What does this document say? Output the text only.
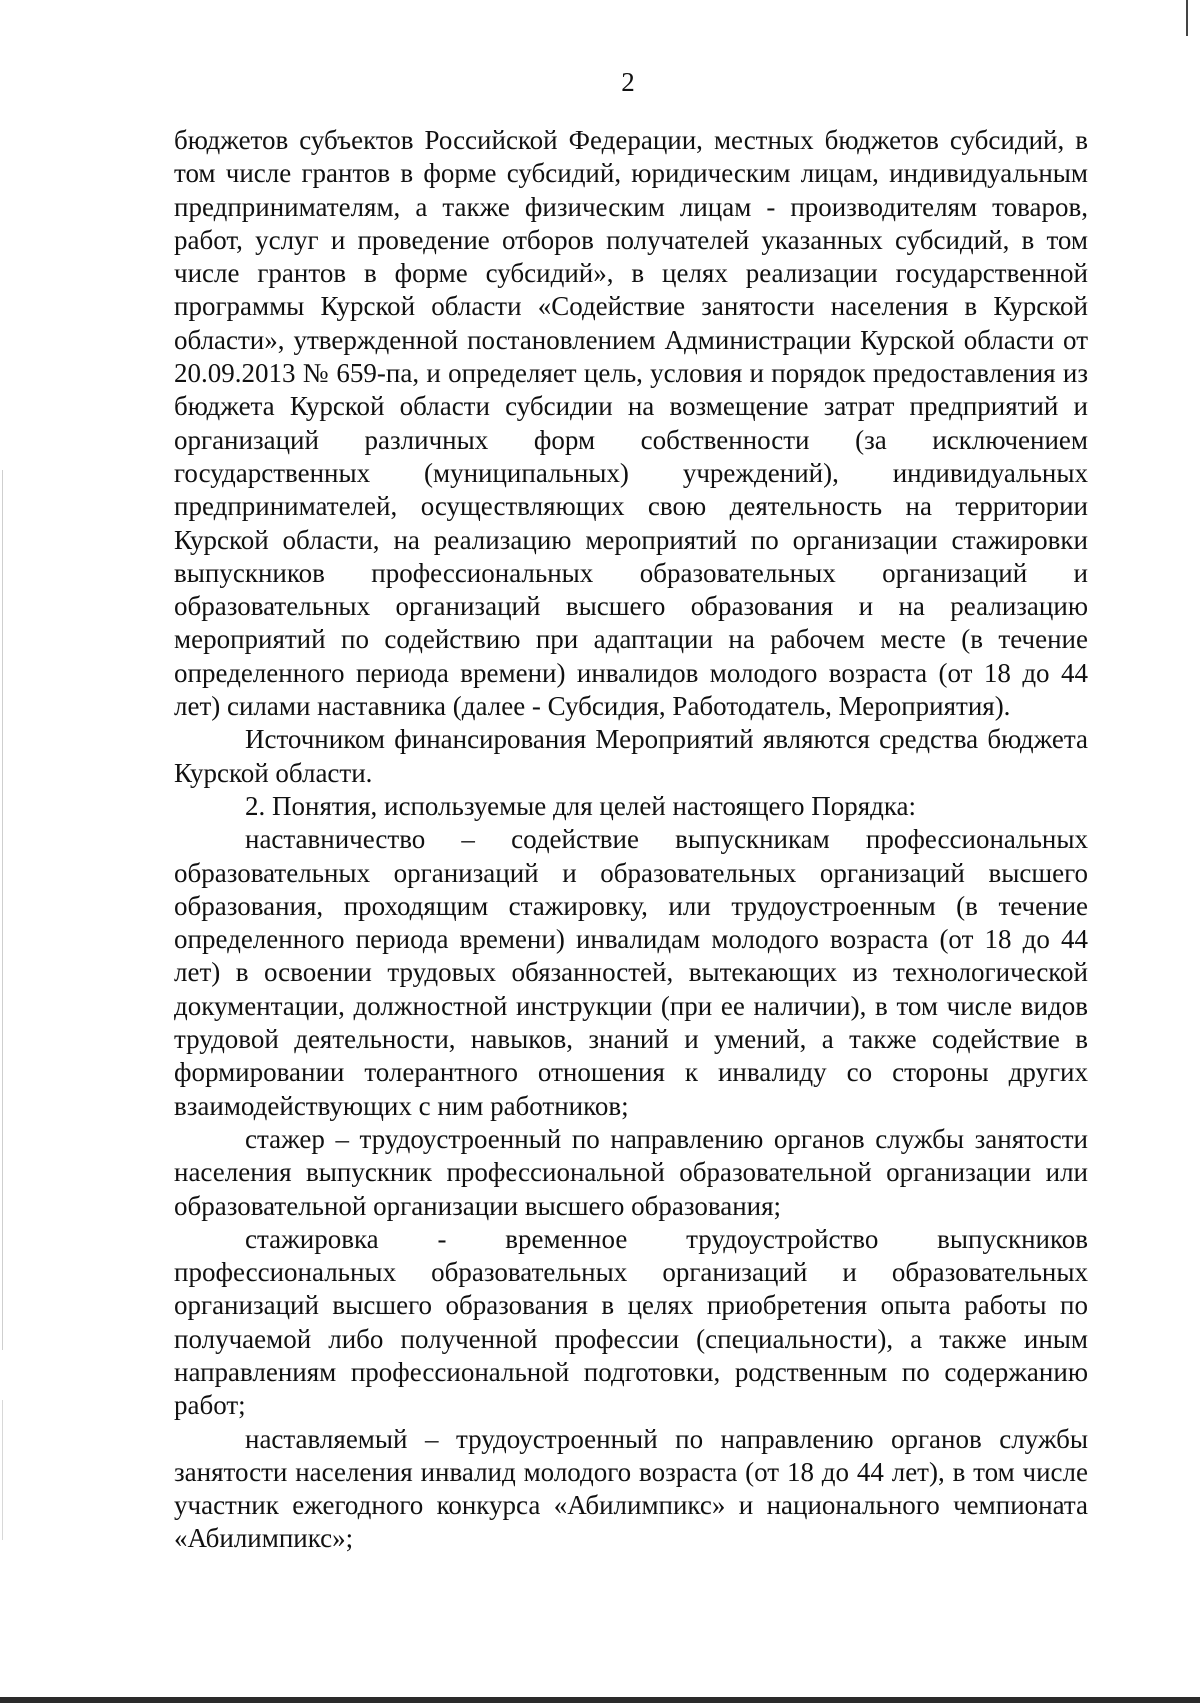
2

бюджетов субъектов Российской Федерации, местных бюджетов субсидий, в том числе грантов в форме субсидий, юридическим лицам, индивидуальным предпринимателям, а также физическим лицам - производителям товаров, работ, услуг и проведение отборов получателей указанных субсидий, в том числе грантов в форме субсидий», в целях реализации государственной программы Курской области «Содействие занятости населения в Курской области», утвержденной постановлением Администрации Курской области от 20.09.2013 № 659-па, и определяет цель, условия и порядок предоставления из бюджета Курской области субсидии на возмещение затрат предприятий и организаций различных форм собственности (за исключением государственных (муниципальных) учреждений), индивидуальных предпринимателей, осуществляющих свою деятельность на территории Курской области, на реализацию мероприятий по организации стажировки выпускников профессиональных образовательных организаций и образовательных организаций высшего образования и на реализацию мероприятий по содействию при адаптации на рабочем месте (в течение определенного периода времени) инвалидов молодого возраста (от 18 до 44 лет) силами наставника (далее - Субсидия, Работодатель, Мероприятия).

Источником финансирования Мероприятий являются средства бюджета Курской области.

2. Понятия, используемые для целей настоящего Порядка:

наставничество – содействие выпускникам профессиональных образовательных организаций и образовательных организаций высшего образования, проходящим стажировку, или трудоустроенным (в течение определенного периода времени) инвалидам молодого возраста (от 18 до 44 лет) в освоении трудовых обязанностей, вытекающих из технологической документации, должностной инструкции (при ее наличии), в том числе видов трудовой деятельности, навыков, знаний и умений, а также содействие в формировании толерантного отношения к инвалиду со стороны других взаимодействующих с ним работников;

стажер – трудоустроенный по направлению органов службы занятости населения выпускник профессиональной образовательной организации или образовательной организации высшего образования;

стажировка - временное трудоустройство выпускников профессиональных образовательных организаций и образовательных организаций высшего образования в целях приобретения опыта работы по получаемой либо полученной профессии (специальности), а также иным направлениям профессиональной подготовки, родственным по содержанию работ;

наставляемый – трудоустроенный по направлению органов службы занятости населения инвалид молодого возраста (от 18 до 44 лет), в том числе участник ежегодного конкурса «Абилимпикс» и национального чемпионата «Абилимпикс»;
